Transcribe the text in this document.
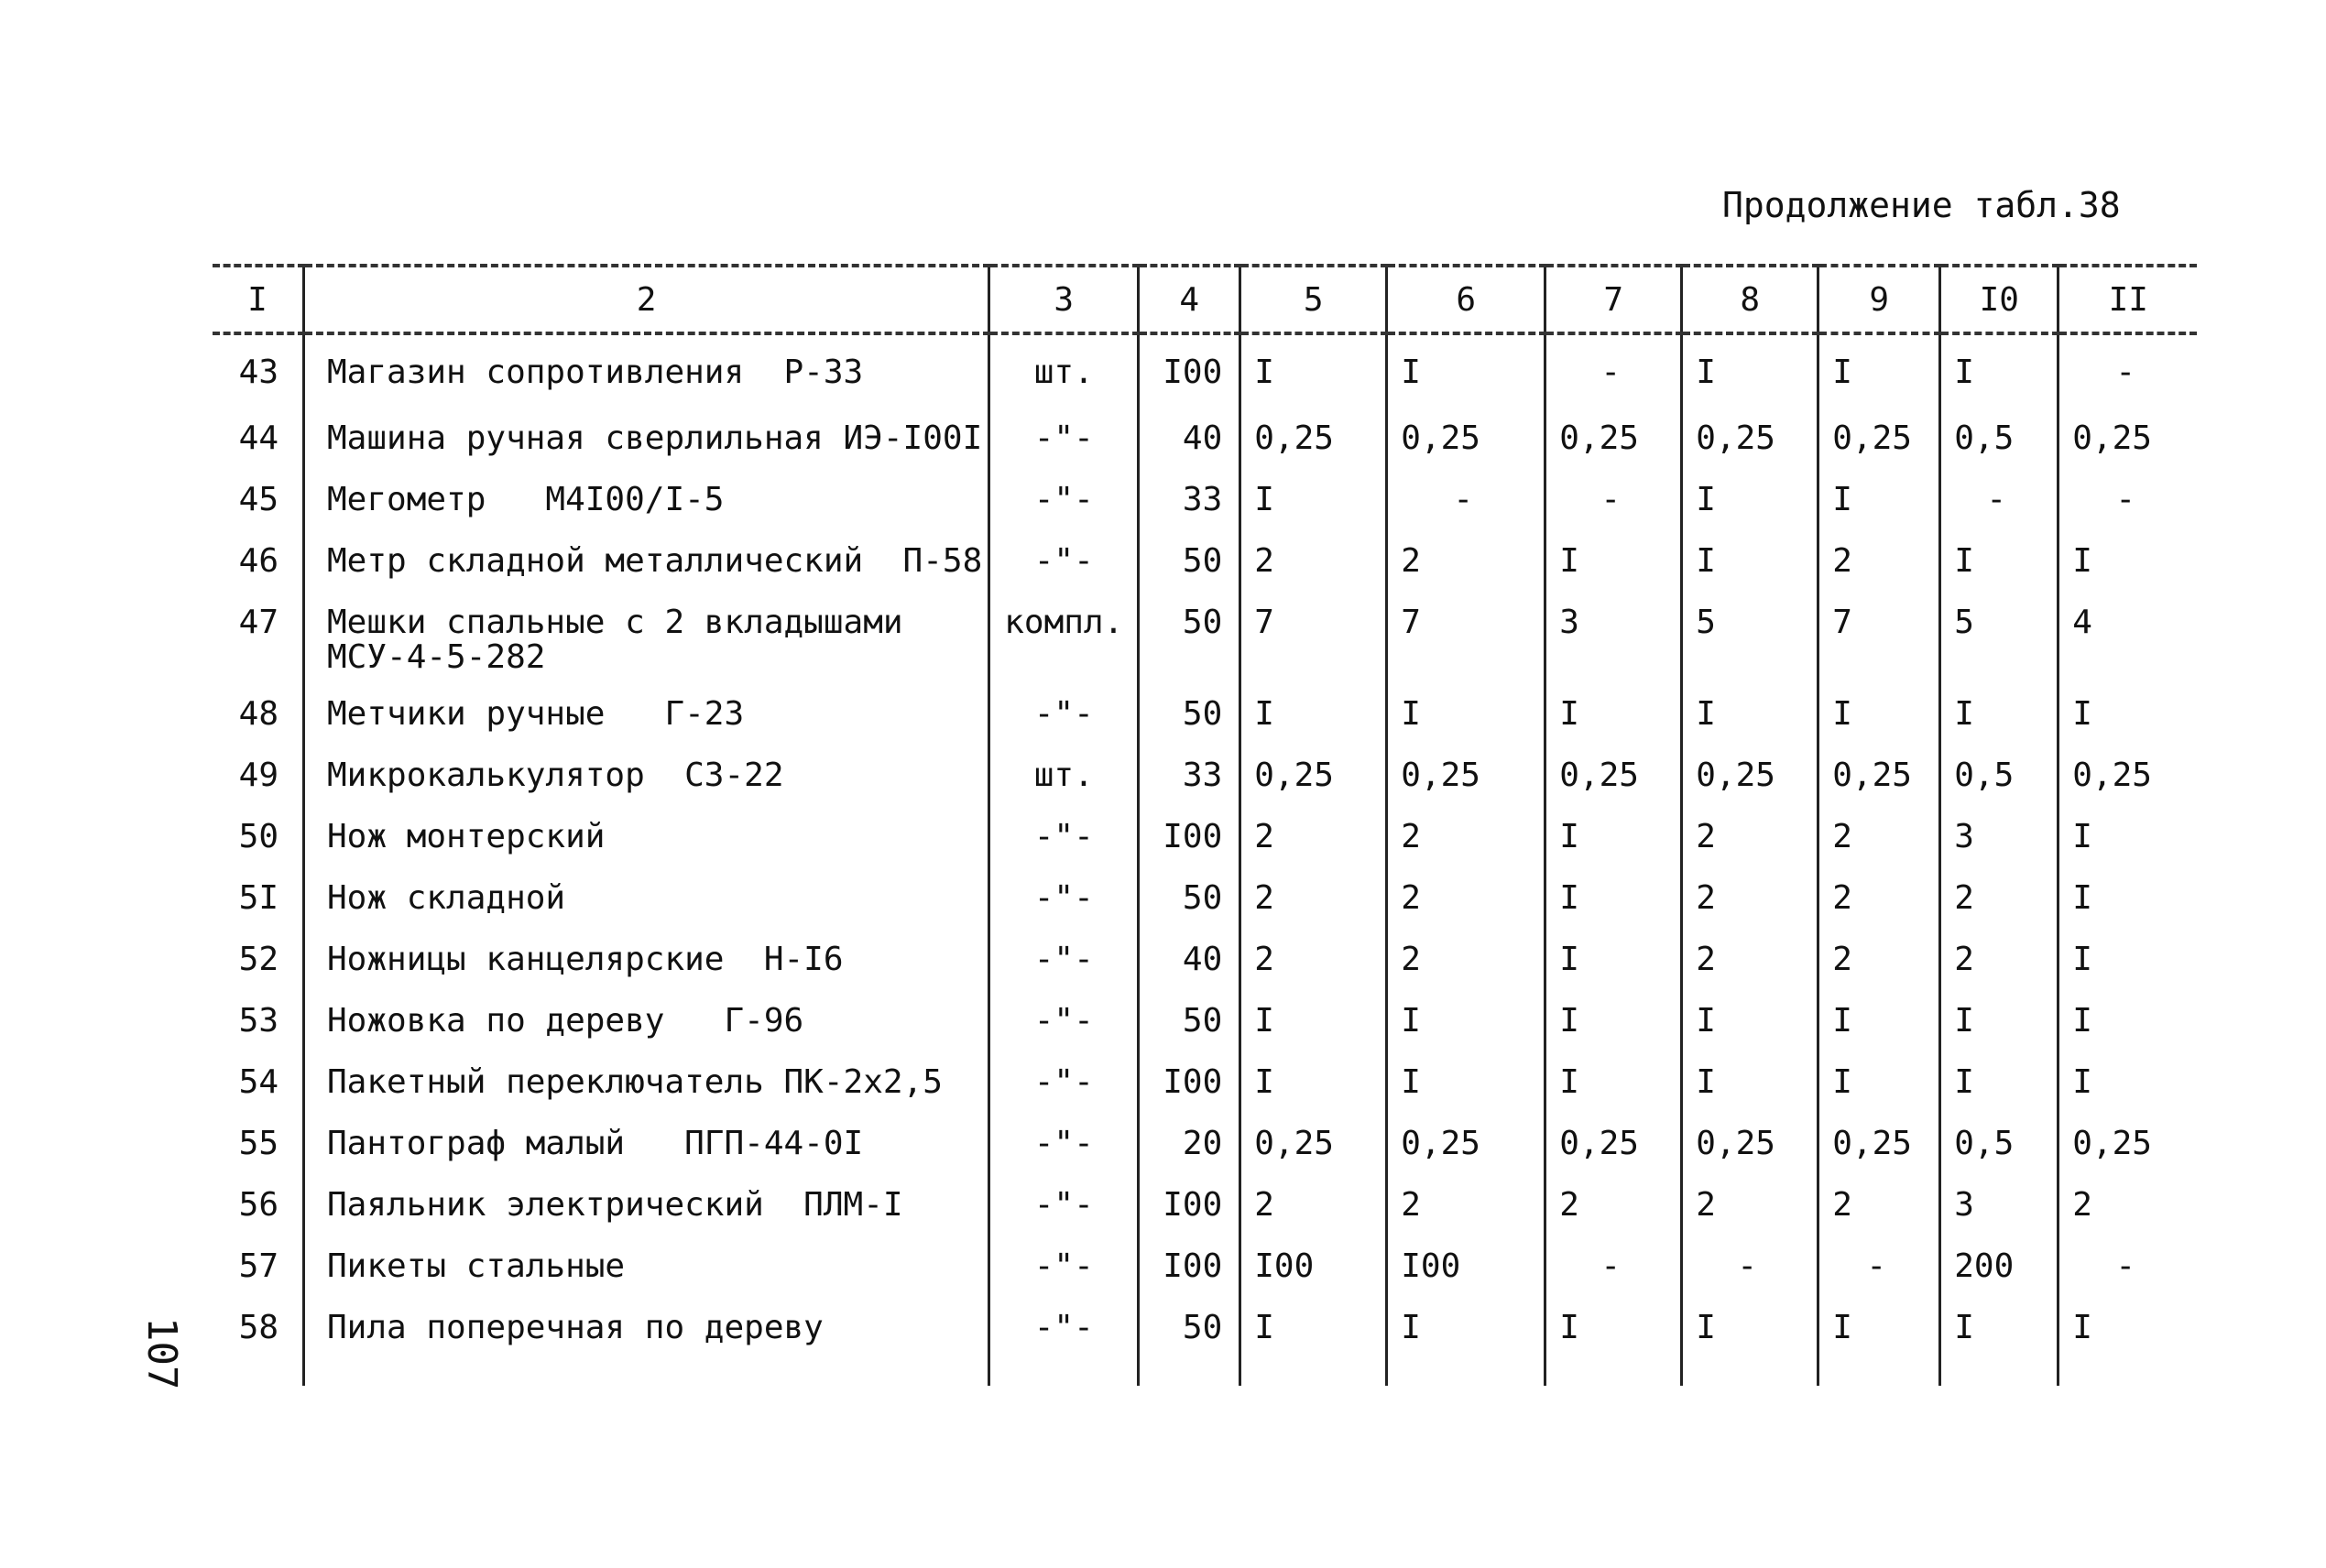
Продолжение табл.38
107
I	2	3	4	5	6	7	8	9	I0	II
43	Магазин сопротивления  Р-33	шт.	I00	I	I	-	I	I	I	-
44	Машина ручная сверлильная ИЭ-I00I	-"-	40	0,25	0,25	0,25	0,25	0,25	0,5	0,25
45	Мегометр   М4I00/I-5	-"-	33	I	-	-	I	I	-	-
46	Метр складной металлический  П-58	-"-	50	2	2	I	I	2	I	I
47	Мешки спальные с 2 вкладышами
МСУ-4-5-282	компл.	50	7	7	3	5	7	5	4
48	Метчики ручные   Г-23	-"-	50	I	I	I	I	I	I	I
49	Микрокалькулятор  С3-22	шт.	33	0,25	0,25	0,25	0,25	0,25	0,5	0,25
50	Нож монтерский	-"-	I00	2	2	I	2	2	3	I
5I	Нож складной	-"-	50	2	2	I	2	2	2	I
52	Ножницы канцелярские  Н-I6	-"-	40	2	2	I	2	2	2	I
53	Ножовка по дереву   Г-96	-"-	50	I	I	I	I	I	I	I
54	Пакетный переключатель ПК-2х2,5	-"-	I00	I	I	I	I	I	I	I
55	Пантограф малый   ПГП-44-0I	-"-	20	0,25	0,25	0,25	0,25	0,25	0,5	0,25
56	Паяльник электрический  ПЛМ-I	-"-	I00	2	2	2	2	2	3	2
57	Пикеты стальные	-"-	I00	I00	I00	-	-	-	200	-
58	Пила поперечная по дереву	-"-	50	I	I	I	I	I	I	I
